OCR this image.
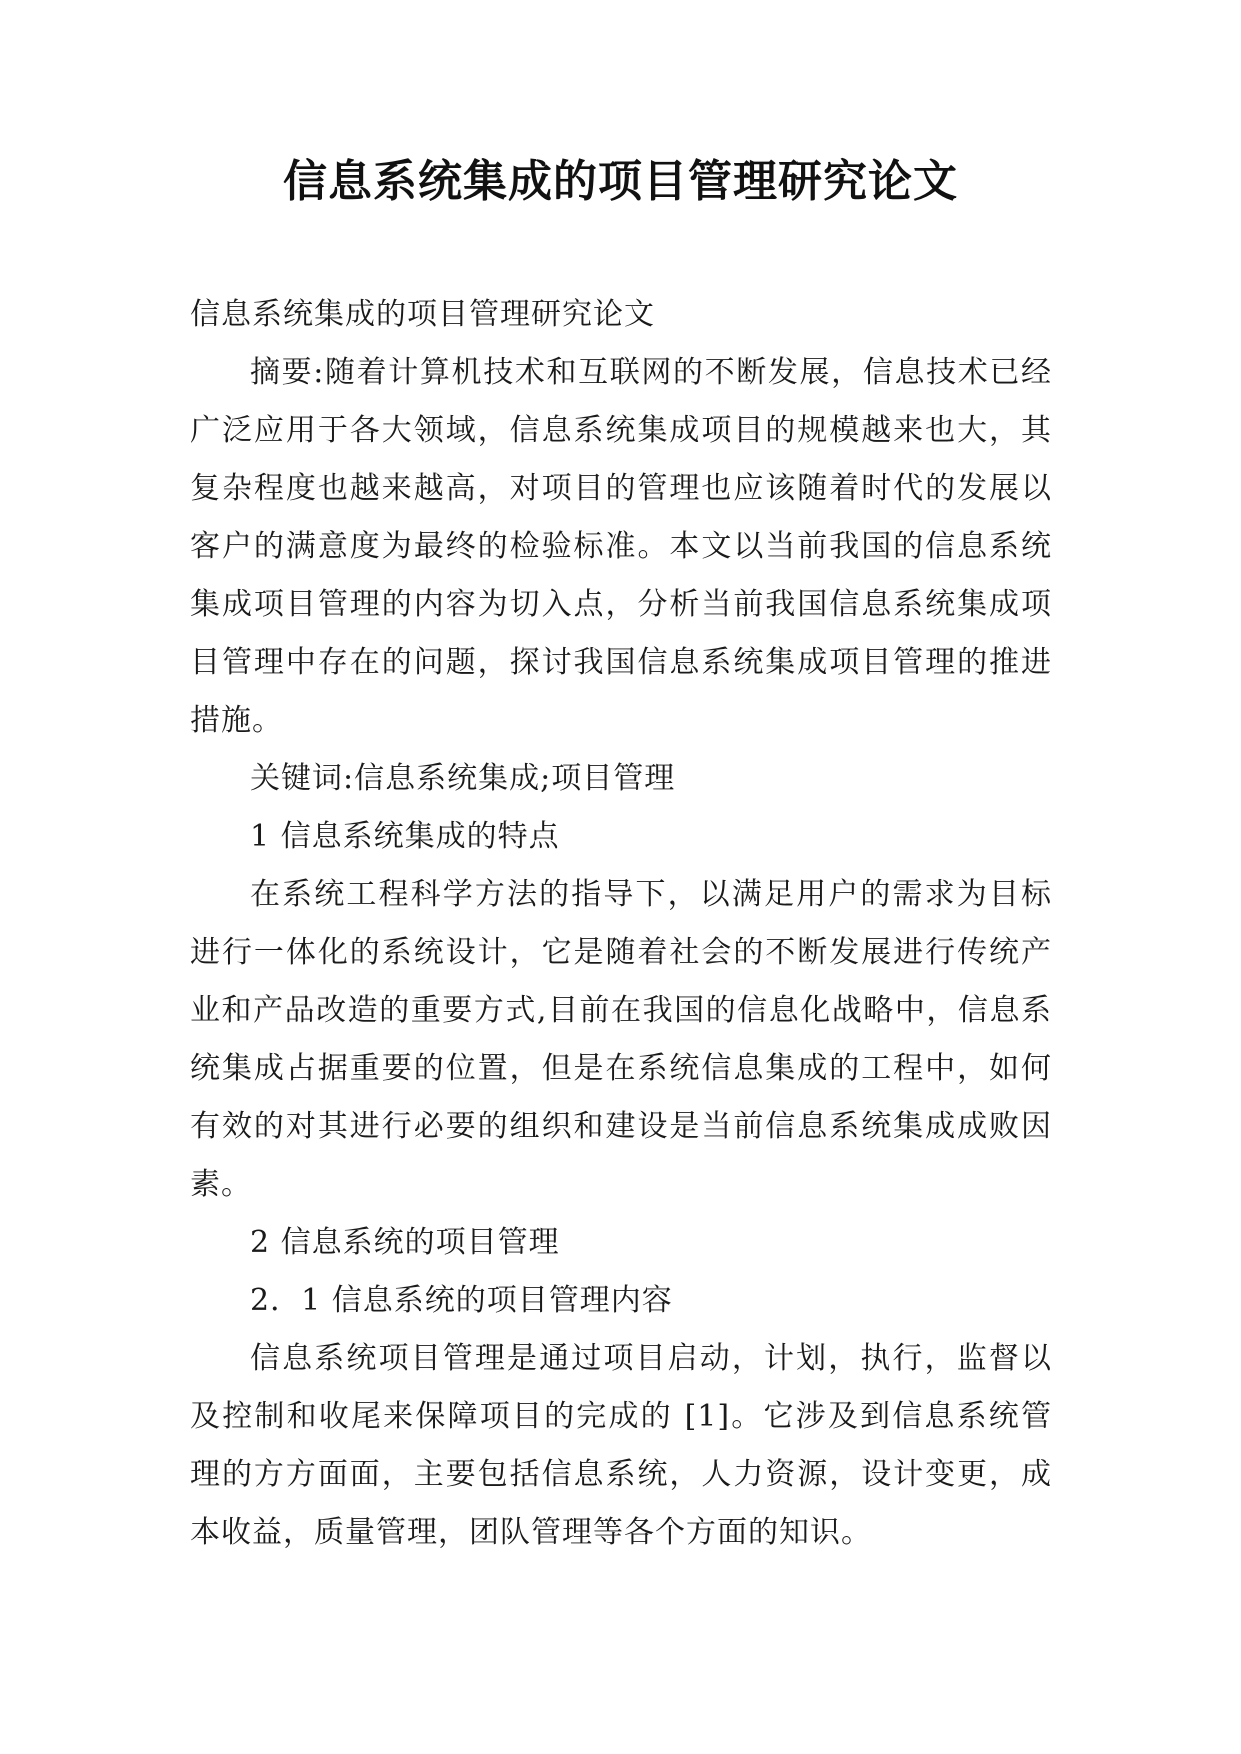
信息系统集成的项目管理研究论文

信息系统集成的项目管理研究论文

摘要:随着计算机技术和互联网的不断发展，信息技术已经广泛应用于各大领域，信息系统集成项目的规模越来也大，其复杂程度也越来越高，对项目的管理也应该随着时代的发展以客户的满意度为最终的检验标准。本文以当前我国的信息系统集成项目管理的内容为切入点，分析当前我国信息系统集成项目管理中存在的问题，探讨我国信息系统集成项目管理的推进措施。

关键词:信息系统集成;项目管理

1 信息系统集成的特点

在系统工程科学方法的指导下，以满足用户的需求为目标进行一体化的系统设计，它是随着社会的不断发展进行传统产业和产品改造的重要方式,目前在我国的信息化战略中，信息系统集成占据重要的位置，但是在系统信息集成的工程中，如何有效的对其进行必要的组织和建设是当前信息系统集成成败因素。

2 信息系统的项目管理

2．1 信息系统的项目管理内容

信息系统项目管理是通过项目启动，计划，执行，监督以及控制和收尾来保障项目的完成的 [1]。它涉及到信息系统管理的方方面面，主要包括信息系统，人力资源，设计变更，成本收益，质量管理，团队管理等各个方面的知识。
